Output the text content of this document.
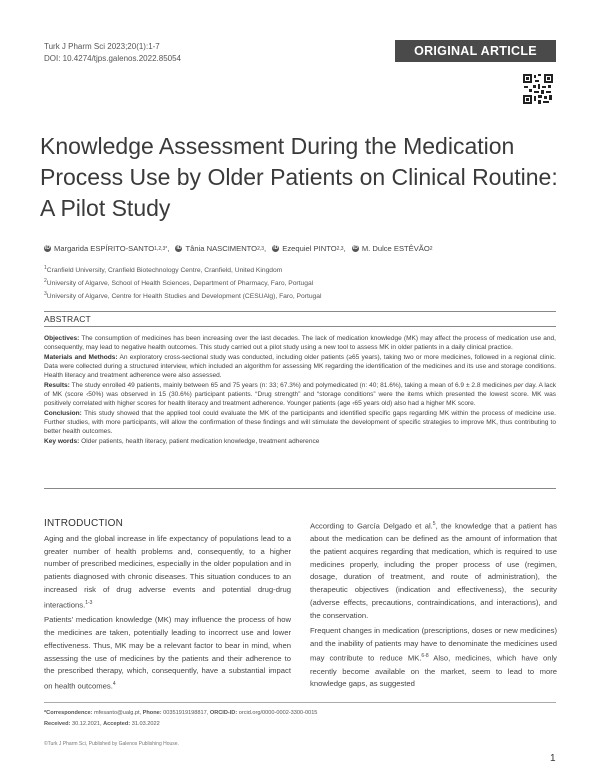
Turk J Pharm Sci 2023;20(1):1-7
DOI: 10.4274/tjps.galenos.2022.85054	ORIGINAL ARTICLE
Knowledge Assessment During the Medication Process Use by Older Patients on Clinical Routine: A Pilot Study
iD Margarida ESPÍRITO-SANTO 1,2,3* , iD Tânia NASCIMENTO 2,3 , iD Ezequiel PINTO 2,3 , iD M. Dulce ESTÊVÃO 2
$^1$Cranfield University, Cranfield Biotechnology Centre, Cranfield, United Kingdom
$^2$University of Algarve, School of Health Sciences, Department of Pharmacy, Faro, Portugal
$^3$University of Algarve, Centre for Health Studies and Development (CESUAlg), Faro, Portugal
ABSTRACT

Objectives: The consumption of medicines has been increasing over the last decades. The lack of medication knowledge (MK) may affect the process of medication use and, consequently, may lead to negative health outcomes. This study carried out a pilot study using a new tool to assess MK in older patients in a daily clinical practice.

Materials and Methods: An exploratory cross-sectional study was conducted, including older patients (≥65 years), taking two or more medicines, followed in a regional clinic. Data were collected during a structured interview, which included an algorithm for assessing MK regarding the identification of the medicines and its use and storage conditions. Health literacy and treatment adherence were also assessed.

Results: The study enrolled 49 patients, mainly between 65 and 75 years (n: 33; 67.3%) and polymedicated (n: 40; 81.6%), taking a mean of 6.9 ± 2.8 medicines per day. A lack of MK (score ‹50%) was observed in 15 (30.6%) participant patients. “Drug strength” and “storage conditions” were the items which presented the lowest score. MK was positively correlated with higher scores for health literacy and treatment adherence. Younger patients (age ‹65 years old) also had a higher MK score.

Conclusion: This study showed that the applied tool could evaluate the MK of the participants and identified specific gaps regarding MK within the process of medicine use. Further studies, with more participants, will allow the confirmation of these findings and will stimulate the development of specific strategies to improve MK, thus contributing to better health outcomes.

Key words: Older patients, health literacy, patient medication knowledge, treatment adherence

INTRODUCTION

Aging and the global increase in life expectancy of populations lead to a greater number of health problems and, consequently, to a higher number of prescribed medicines, especially in the older population and in patients diagnosed with chronic diseases. This situation conduces to an increased risk of drug adverse events and potential drug-drug interactions.$^{1-3}$

Patients’ medication knowledge (MK) may influence the process of how the medicines are taken, potentially leading to incorrect use and lower effectiveness. Thus, MK may be a relevant factor to bear in mind, when assessing the use of medicines by the patients and their adherence to the prescribed therapy, which, consequently, have a substantial impact on health outcomes.$^4$

According to García Delgado et al.$^5$, the knowledge that a patient has about the medication can be defined as the amount of information that the patient acquires regarding that medication, which is required to use medicines properly, including the proper process of use (regimen, dosage, duration of treatment, and route of administration), the therapeutic objectives (indication and effectiveness), the security (adverse effects, precautions, contraindications, and interactions), and the conservation.

Frequent changes in medication (prescriptions, doses or new medicines) and the inability of patients may have to denominate the medicines used may contribute to reduce MK.$^{6-8}$ Also, medicines, which have only recently become available on the market, seem to lead to more knowledge gaps, as suggested

*Correspondence: mfesanto@ualg.pt, Phone: 00351919198817, ORCID-ID: orcid.org/0000-0002-3300-0015
Received: 30.12.2021, Accepted: 31.03.2022
©Turk J Pharm Sci, Published by Galenos Publishing House.
1
